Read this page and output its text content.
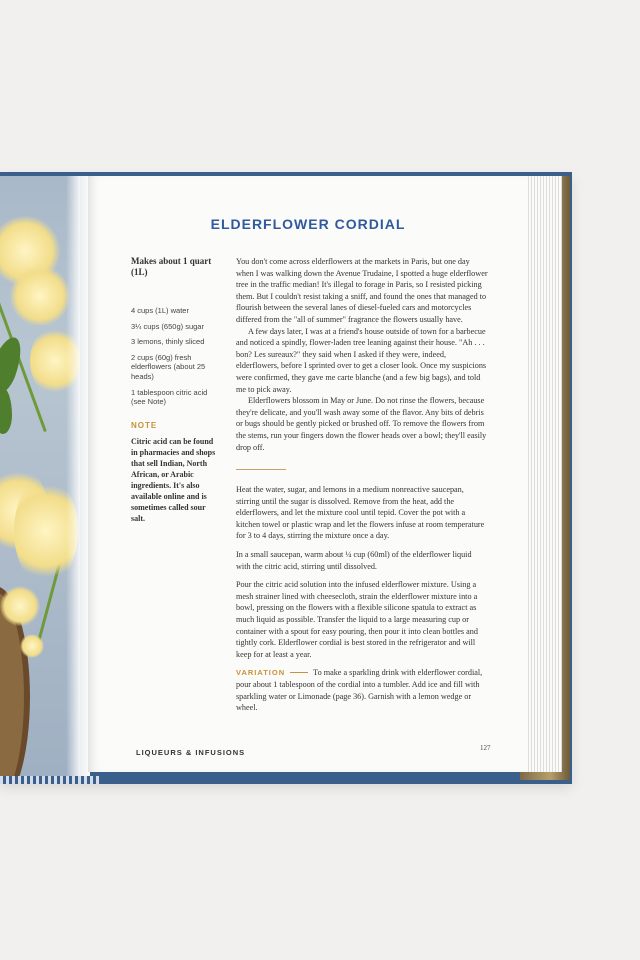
ELDERFLOWER CORDIAL
Makes about 1 quart (1L)
4 cups (1L) water
3¼ cups (650g) sugar
3 lemons, thinly sliced
2 cups (60g) fresh elderflowers (about 25 heads)
1 tablespoon citric acid (see Note)
NOTE
Citric acid can be found in pharmacies and shops that sell Indian, North African, or Arabic ingredients. It's also available online and is sometimes called sour salt.

You don't come across elderflowers at the markets in Paris, but one day when I was walking down the Avenue Trudaine, I spotted a huge elderflower tree in the traffic median! It's illegal to forage in Paris, so I resisted picking them. But I couldn't resist taking a sniff, and found the ones that managed to flourish between the several lanes of diesel-fueled cars and motorcycles differed from the "all of summer" fragrance the flowers usually have.

A few days later, I was at a friend's house outside of town for a barbecue and noticed a spindly, flower-laden tree leaning against their house. "Ah . . . bon? Les sureaux?" they said when I asked if they were, indeed, elderflowers, before I sprinted over to get a closer look. Once my suspicions were confirmed, they gave me carte blanche (and a few big bags), and told me to pick away.

Elderflowers blossom in May or June. Do not rinse the flowers, because they're delicate, and you'll wash away some of the flavor. Any bits of debris or bugs should be gently picked or brushed off. To remove the flowers from the stems, run your fingers down the flower heads over a bowl; they'll easily drop off.

Heat the water, sugar, and lemons in a medium nonreactive saucepan, stirring until the sugar is dissolved. Remove from the heat, add the elderflowers, and let the mixture cool until tepid. Cover the pot with a kitchen towel or plastic wrap and let the flowers infuse at room temperature for 3 to 4 days, stirring the mixture once a day.

In a small saucepan, warm about ¼ cup (60ml) of the elderflower liquid with the citric acid, stirring until dissolved.

Pour the citric acid solution into the infused elderflower mixture. Using a mesh strainer lined with cheesecloth, strain the elderflower mixture into a bowl, pressing on the flowers with a flexible silicone spatula to extract as much liquid as possible. Transfer the liquid to a large measuring cup or container with a spout for easy pouring, then pour it into clean bottles and tightly cork. Elderflower cordial is best stored in the refrigerator and will keep for at least a year.

VARIATION	To make a sparkling drink with elderflower cordial, pour about 1 tablespoon of the cordial into a tumbler. Add ice and fill with sparkling water or Limonade (page 36). Garnish with a lemon wedge or wheel.

LIQUEURS & INFUSIONS	127
